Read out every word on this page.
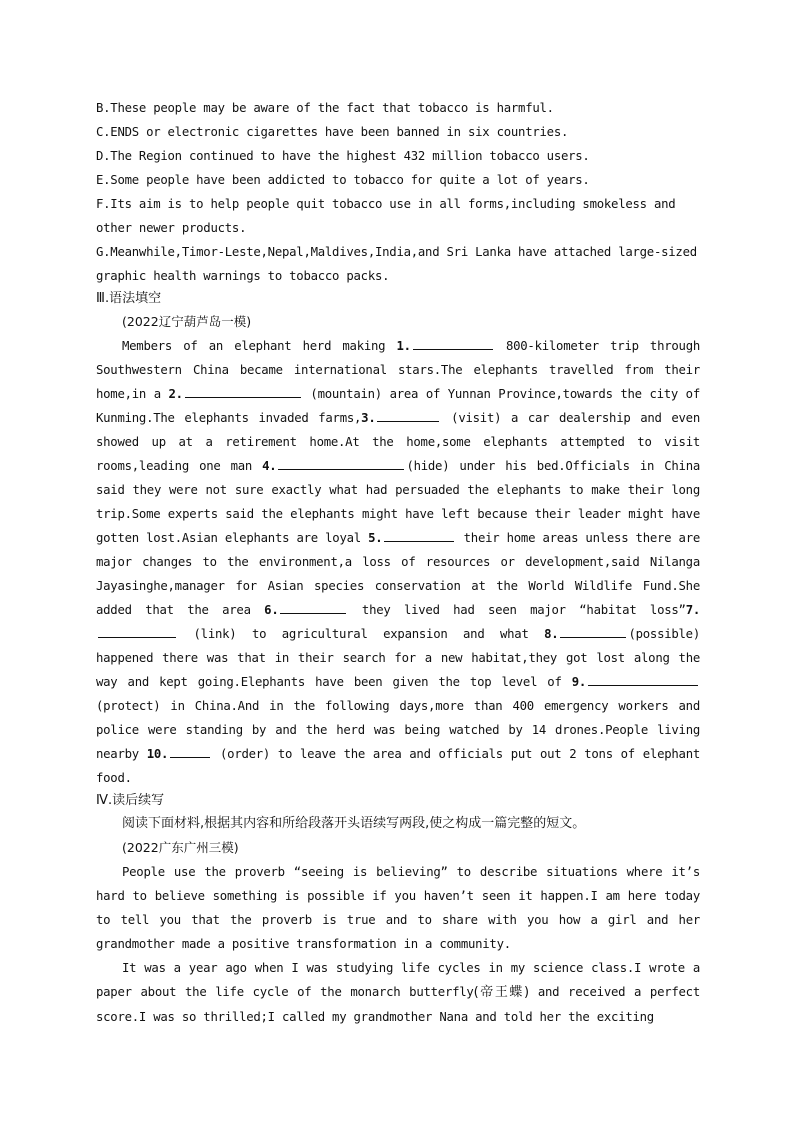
B.These people may be aware of the fact that tobacco is harmful.
C.ENDS or electronic cigarettes have been banned in six countries.
D.The Region continued to have the highest 432 million tobacco users.
E.Some people have been addicted to tobacco for quite a lot of years.
F.Its aim is to help people quit tobacco use in all forms,including smokeless and other newer products.
G.Meanwhile,Timor-Leste,Nepal,Maldives,India,and Sri Lanka have attached large-sized graphic health warnings to tobacco packs.
Ⅲ.语法填空
(2022辽宁葫芦岛一模)
Members of an elephant herd making 1.	800-kilometer trip through Southwestern China became international stars.The elephants travelled from their home,in a 2.	(mountain) area of Yunnan Province,towards the city of Kunming.The elephants invaded farms,3.	(visit) a car dealership and even showed up at a retirement home.At the home,some elephants attempted to visit rooms,leading one man 4.	(hide) under his bed.Officials in China said they were not sure exactly what had persuaded the elephants to make their long trip.Some experts said the elephants might have left because their leader might have gotten lost.Asian elephants are loyal 5.	their home areas unless there are major changes to the environment,a loss of resources or development,said Nilanga Jayasinghe,manager for Asian species conservation at the World Wildlife Fund.She added that the area 6.	they lived had seen major “habitat loss”7.  (link) to agricultural expansion and what 8.	(possible) happened there was that in their search for a new habitat,they got lost along the way and kept going.Elephants have been given the top level of 9. (protect) in China.And in the following days,more than 400 emergency workers and police were standing by and the herd was being watched by 14 drones.People living nearby 10.	(order) to leave the area and officials put out 2 tons of elephant food.
Ⅳ.读后续写
阅读下面材料,根据其内容和所给段落开头语续写两段,使之构成一篇完整的短文。
(2022广东广州三模)
People use the proverb “seeing is believing” to describe situations where it’s hard to believe something is possible if you haven’t seen it happen.I am here today to tell you that the proverb is true and to share with you how a girl and her grandmother made a positive transformation in a community.
It was a year ago when I was studying life cycles in my science class.I wrote a paper about the life cycle of the monarch butterfly(帝王蝶) and received a perfect score.I was so thrilled;I called my grandmother Nana and told her the exciting
